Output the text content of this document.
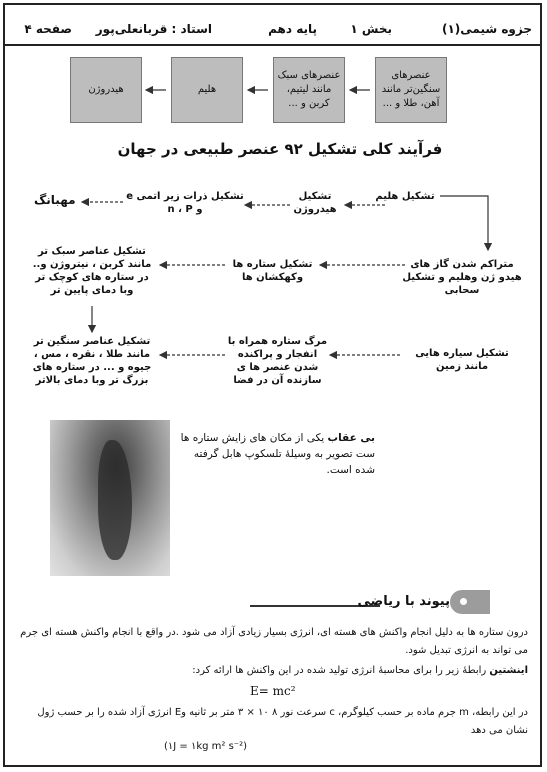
جزوه شیمی(۱)
بخش ۱
پایه دهم
استاد : قربانعلی‌پور
صفحه ۴
عنصرهای سنگین‌تر مانند آهن، طلا و ...
عنصرهای سبک مانند لیتیم، کربن و ...
هلیم
هیدروژن
فرآیند کلی تشکیل ۹۲ عنصر طبیعی در جهان
مهبانگ	تشکیل ذرات زیر اتمی e و n ، P
تشکیل هیدروژن
تشکیل هلیم
متراکم شدن گاز های هیدو ژن وهلیم و تشکیل سحابی
تشکیل ستاره ها وکهکشان ها
تشکیل عناصر سبک تر مانند کربن ، نیتروژن و.. در ستاره های کوچک تر وبا دمای پایین تر
تشکیل عناصر سنگین تر مانند طلا ، نقره ، مس ، جیوه و ... در ستاره های بزرگ تر وبا دمای بالاتر
مرگ ستاره همراه با انفجار و پراکنده شدن عنصر ها ی سازنده آن در فضا
تشکیل سیاره هایی مانند زمین
بی عقاب یکی از مکان های زایش ستاره ها ست تصویر به وسیلهٔ تلسکوپ هابل گرفته شده است.
پیوند با ریاضی
درون ستاره ها به دلیل انجام واکنش های هسته ای، انرژی بسیار زیادی آزاد می شود .در واقع با انجام واکنش هسته ای جرم می تواند به انرژی تبدیل شود.
اینشتین رابطهٔ زیر را برای محاسبهٔ انرژی تولید شده در این واکنش ها ارائه کرد:
E= mc²
در این رابطه، m جرم ماده بر حسب کیلوگرم، c سرعت نور ۸ ۱۰ × ۳ متر بر ثانیه وE انرژی آزاد شده را بر حسب ژول نشان می دهد
(۱J = ۱kg m² s⁻²)
